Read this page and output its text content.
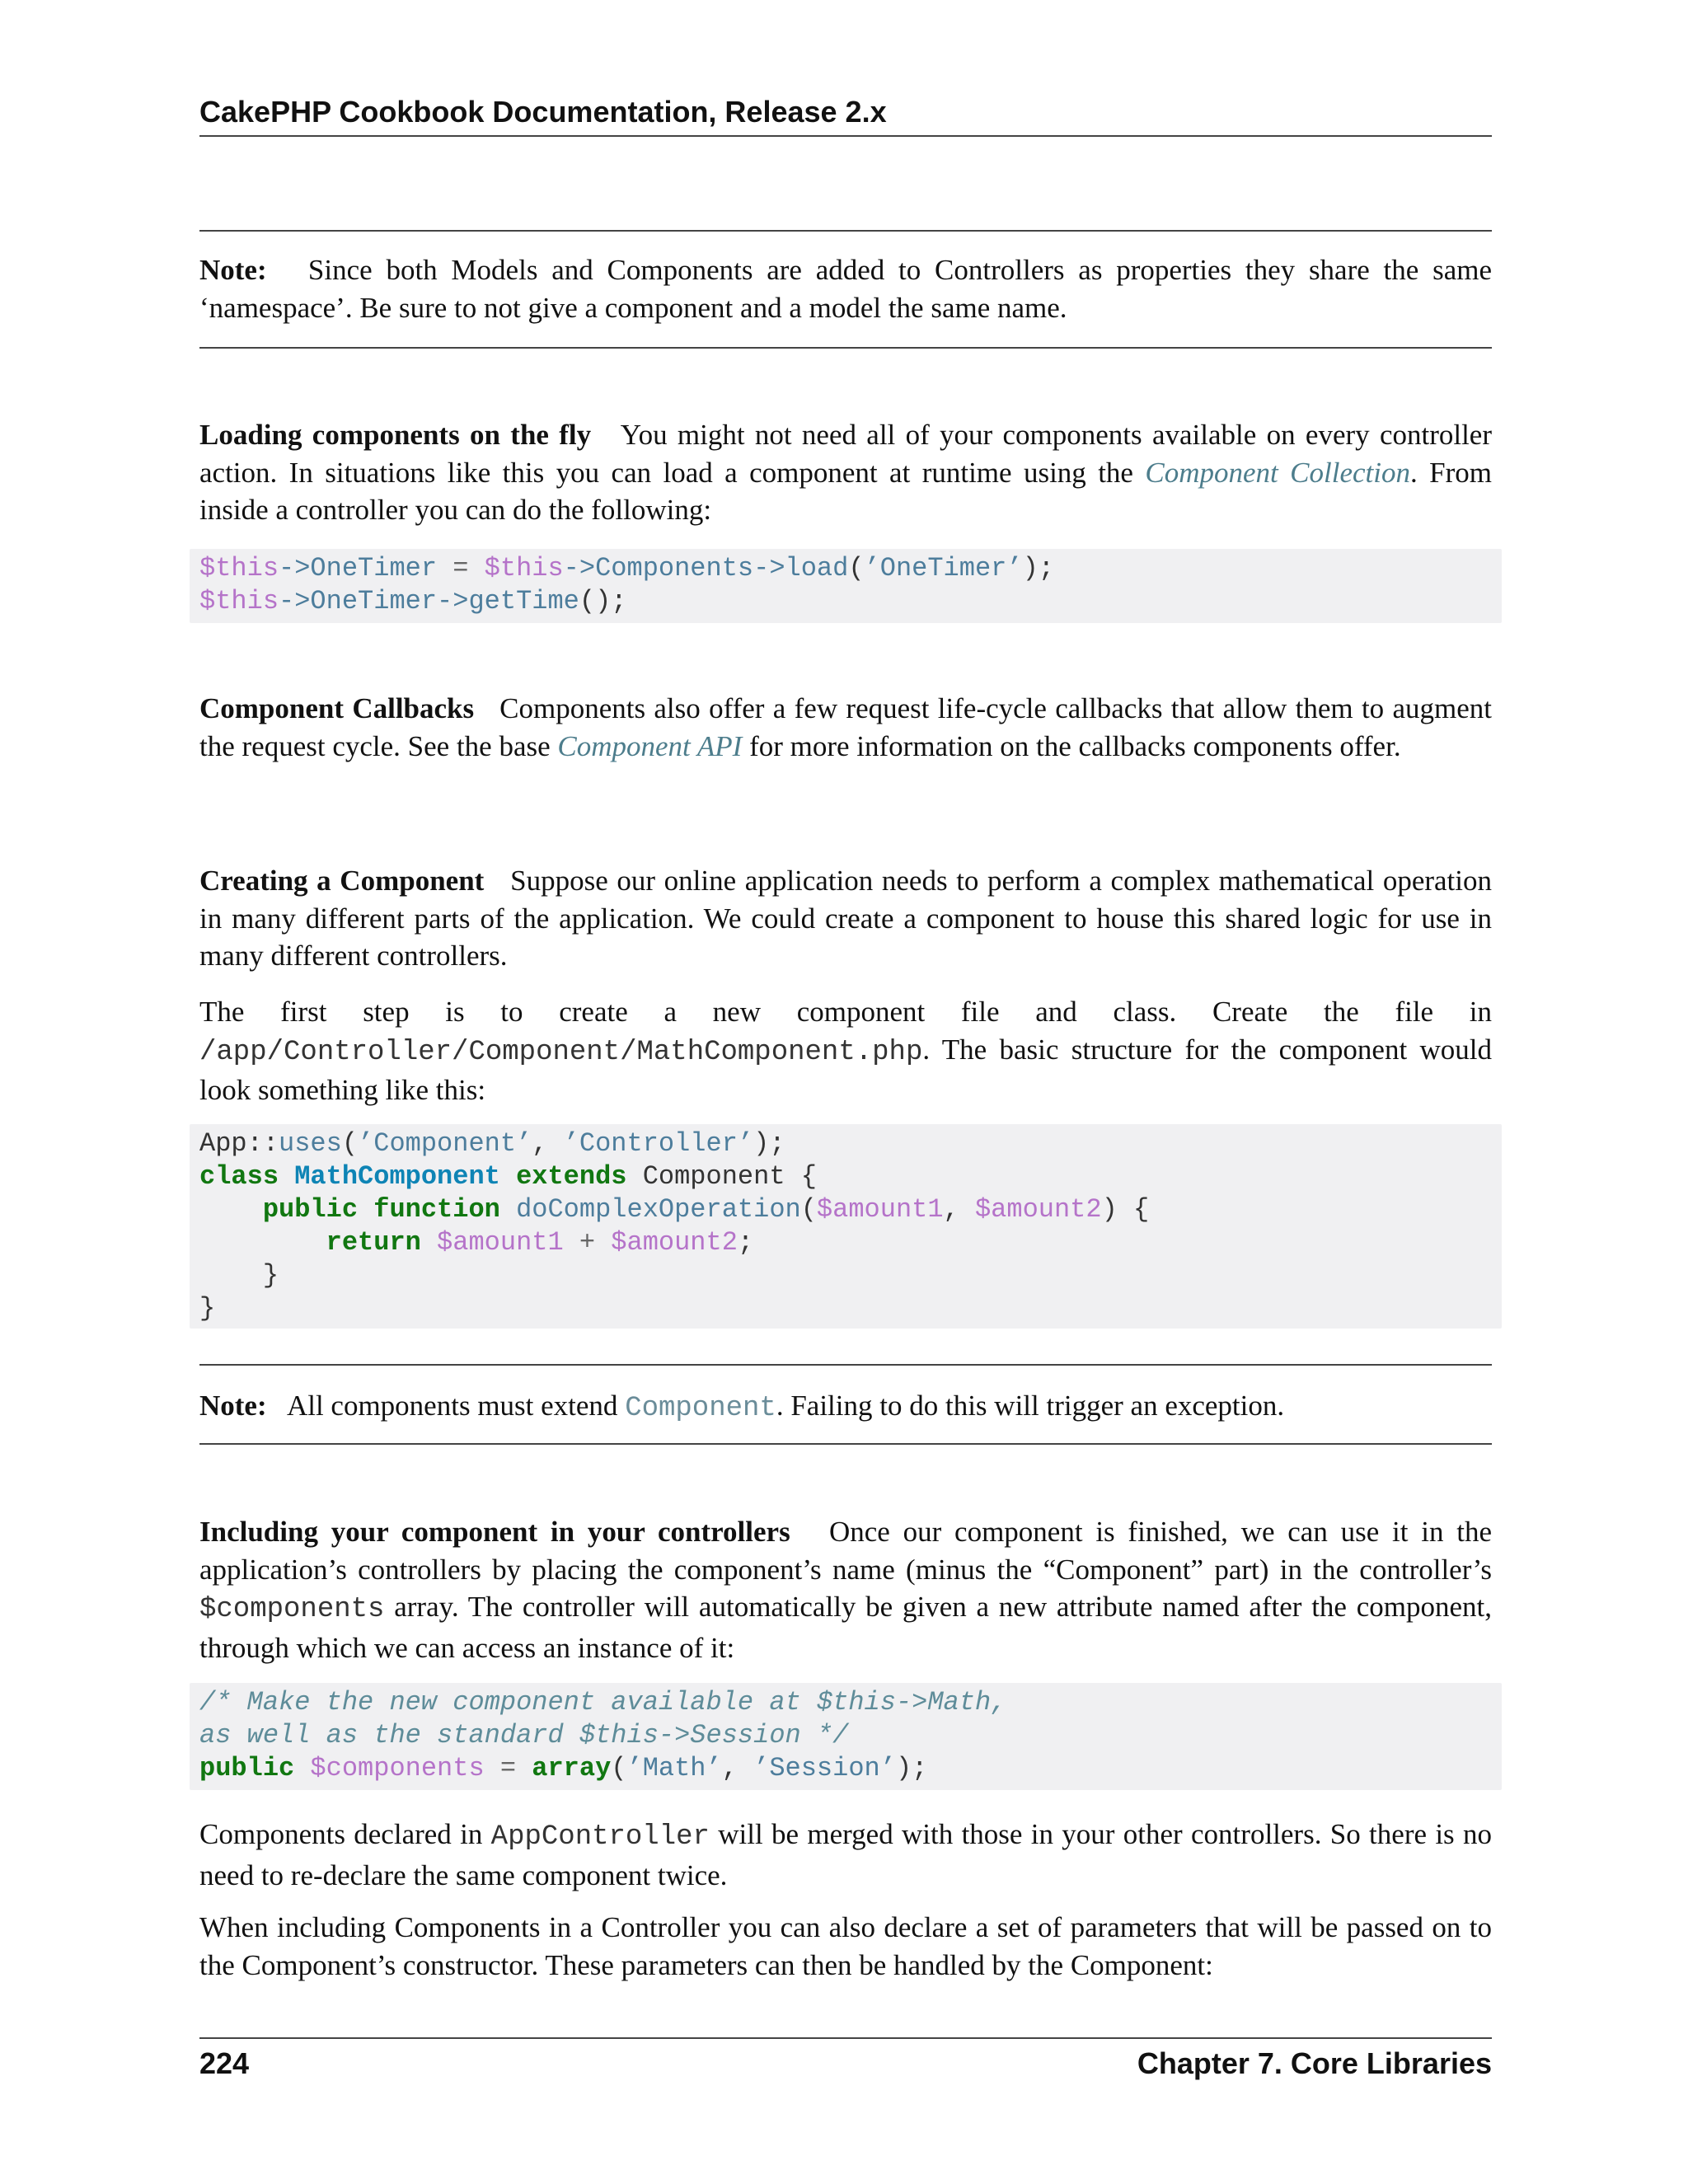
CakePHP Cookbook Documentation, Release 2.x

Note: Since both Models and Components are added to Controllers as properties they share the same ‘namespace’. Be sure to not give a component and a model the same name.

Loading components on the fly You might not need all of your components available on every controller action. In situations like this you can load a component at runtime using the Component Collection. From inside a controller you can do the following:

$this->OneTimer = $this->Components->load(’OneTimer’);
$this->OneTimer->getTime();

Component Callbacks Components also offer a few request life-cycle callbacks that allow them to augment the request cycle. See the base Component API for more information on the callbacks components offer.

Creating a Component Suppose our online application needs to perform a complex mathematical operation in many different parts of the application. We could create a component to house this shared logic for use in many different controllers.

The first step is to create a new component file and class. Create the file in /app/Controller/Component/MathComponent.php. The basic structure for the component would look something like this:

App::uses(’Component’, ’Controller’);
class MathComponent extends Component {
public function doComplexOperation($amount1, $amount2) {
return $amount1 + $amount2;
}
}

Note: All components must extend Component. Failing to do this will trigger an exception.

Including your component in your controllers Once our component is finished, we can use it in the application’s controllers by placing the component’s name (minus the “Component” part) in the controller’s $components array. The controller will automatically be given a new attribute named after the component, through which we can access an instance of it:

/* Make the new component available at $this->Math,
as well as the standard $this->Session */
public $components = array(’Math’, ’Session’);

Components declared in AppController will be merged with those in your other controllers. So there is no need to re-declare the same component twice.

When including Components in a Controller you can also declare a set of parameters that will be passed on to the Component’s constructor. These parameters can then be handled by the Component:

224	Chapter 7. Core Libraries
